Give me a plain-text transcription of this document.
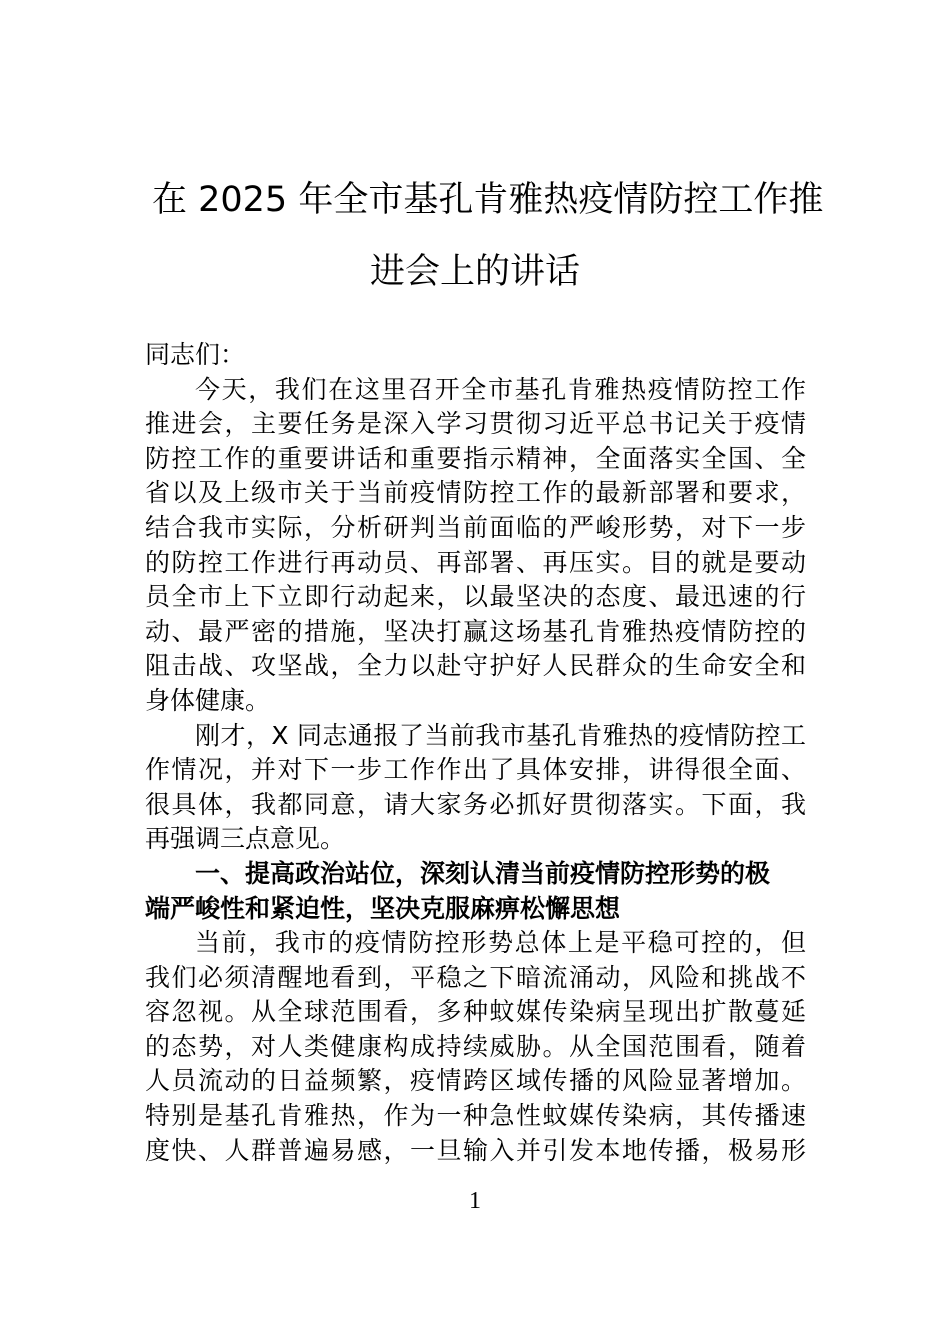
在 2025 年全市基孔肯雅热疫情防控工作推
进会上的讲话
同志们：
今天，我们在这里召开全市基孔肯雅热疫情防控工作
推进会，主要任务是深入学习贯彻习近平总书记关于疫情
防控工作的重要讲话和重要指示精神，全面落实全国、全
省以及上级市关于当前疫情防控工作的最新部署和要求，
结合我市实际，分析研判当前面临的严峻形势，对下一步
的防控工作进行再动员、再部署、再压实。目的就是要动
员全市上下立即行动起来，以最坚决的态度、最迅速的行
动、最严密的措施，坚决打赢这场基孔肯雅热疫情防控的
阻击战、攻坚战，全力以赴守护好人民群众的生命安全和
身体健康。
刚才，X 同志通报了当前我市基孔肯雅热的疫情防控工
作情况，并对下一步工作作出了具体安排，讲得很全面、
很具体，我都同意，请大家务必抓好贯彻落实。下面，我
再强调三点意见。
一、提高政治站位，深刻认清当前疫情防控形势的极
端严峻性和紧迫性，坚决克服麻痹松懈思想
当前，我市的疫情防控形势总体上是平稳可控的，但
我们必须清醒地看到，平稳之下暗流涌动，风险和挑战不
容忽视。从全球范围看，多种蚊媒传染病呈现出扩散蔓延
的态势，对人类健康构成持续威胁。从全国范围看，随着
人员流动的日益频繁，疫情跨区域传播的风险显著增加。
特别是基孔肯雅热，作为一种急性蚊媒传染病，其传播速
度快、人群普遍易感，一旦输入并引发本地传播，极易形
1
